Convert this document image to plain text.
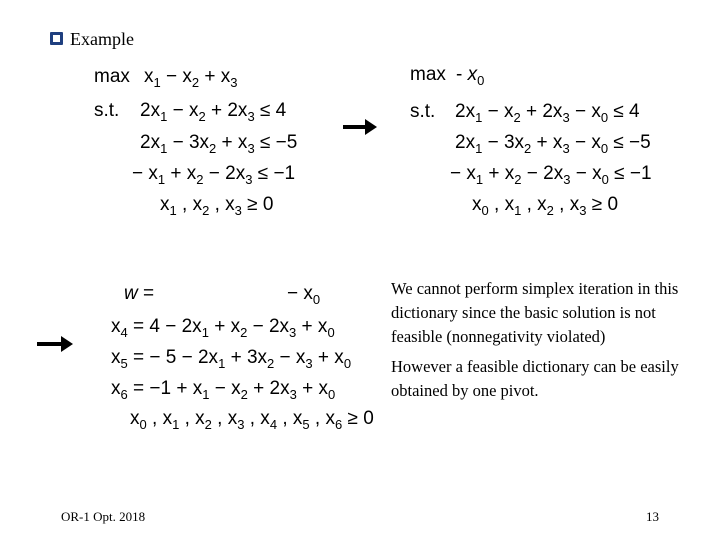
Example
$\max x_1 - x_2 + x_3$
s.t. $2x_1 - x_2 + 2x_3 \le 4$
$2x_1 - 3x_2 + x_3 \le -5$
− $x_1 + x_2 - 2x_3 \le -1$
$x_1$ , $x_2$ , $x_3 \ge 0$
max - $x_0$
s.t. $2x_1 - x_2 + 2x_3 - x_0 \le 4$
$2x_1 - 3x_2 + x_3 - x_0 \le -5$
− $x_1 + x_2 - 2x_3 - x_0 \le -1$
$x_0$ , $x_1$ , $x_2$ , $x_3 \ge 0$
w =	− $x_0$
$x_4 = 4 - 2x_1 + x_2 - 2x_3 + x_0$
$x_5$ = − $5 - 2x_1 + 3x_2 - x_3 + x_0$
$x_6 = -1 + x_1 - x_2 + 2x_3 + x_0$
$x_0$ , $x_1$ , $x_2$ , $x_3$ , $x_4$ , $x_5$ , $x_6 \ge 0$

We cannot perform simplex iteration in this dictionary since the basic solution is not feasible (nonnegativity violated)

However a feasible dictionary can be easily obtained by one pivot.

OR-1 Opt. 2018	13
